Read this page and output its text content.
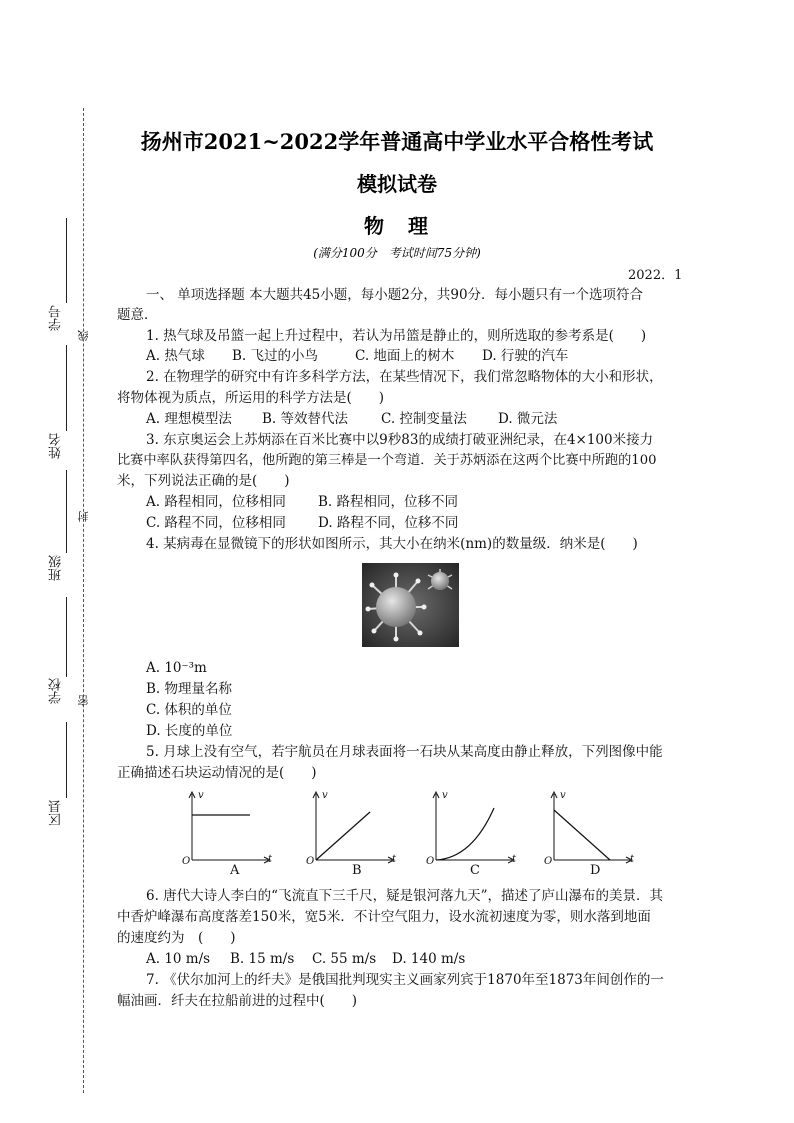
学号
姓名
班级
学校
区县
线
封
密
扬州市2021~2022学年普通高中学业水平合格性考试
模拟试卷
物　理
(满分100分　考试时间75分钟)
2022．1
一、 单项选择题 本大题共45小题，每小题2分，共90分．每小题只有一个选项符合
题意．
1. 热气球及吊篮一起上升过程中，若认为吊篮是静止的，则所选取的参考系是(　　)
A. 热气球 B. 飞过的小鸟	C. 地面上的树木 D. 行驶的汽车
2. 在物理学的研究中有许多科学方法，在某些情况下，我们常忽略物体的大小和形状，
将物体视为质点，所运用的科学方法是(　　)
A. 理想模型法 B. 等效替代法 C. 控制变量法 D. 微元法
3. 东京奥运会上苏炳添在百米比赛中以9秒83的成绩打破亚洲纪录，在4×100米接力
比赛中率队获得第四名，他所跑的第三棒是一个弯道．关于苏炳添在这两个比赛中所跑的100
米，下列说法正确的是(　　)
A. 路程相同，位移相同 B. 路程相同，位移不同
C. 路程不同，位移相同 D. 路程不同，位移不同
4. 某病毒在显微镜下的形状如图所示，其大小在纳米(nm)的数量级．纳米是(　　)
A. 10⁻³m
B. 物理量名称
C. 体积的单位
D. 长度的单位
5. 月球上没有空气，若宇航员在月球表面将一石块从某高度由静止释放，下列图像中能
正确描述石块运动情况的是(　　)
v
t
O
A
v
t
O
B
v
t
O
C
v
t
O
D
6. 唐代大诗人李白的“飞流直下三千尺，疑是银河落九天”，描述了庐山瀑布的美景．其
中香炉峰瀑布高度落差150米，宽5米．不计空气阻力，设水流初速度为零，则水落到地面
的速度约为　(　　)
A. 10 m/s B. 15 m/s C. 55 m/s D. 140 m/s
7. 《伏尔加河上的纤夫》是俄国批判现实主义画家列宾于1870年至1873年间创作的一
幅油画．纤夫在拉船前进的过程中(　　)
